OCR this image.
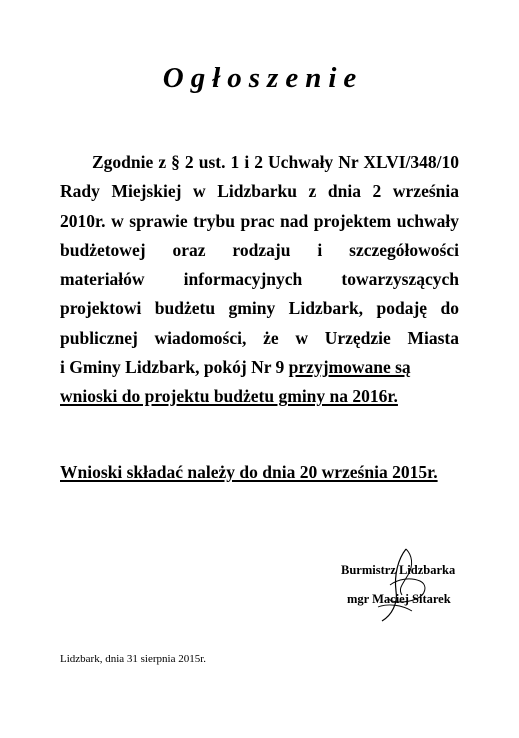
Ogłoszenie
Zgodnie z § 2 ust. 1 i 2 Uchwały Nr XLVI/348/10
Rady Miejskiej w Lidzbarku z dnia 2 września
2010r. w sprawie trybu prac nad projektem uchwały
budżetowej oraz rodzaju i szczegółowości
materiałów informacyjnych towarzyszących
projektowi budżetu gminy Lidzbark, podaję do
publicznej wiadomości, że w Urzędzie Miasta
i Gminy Lidzbark, pokój Nr 9 przyjmowane są
wnioski do projektu budżetu gminy na 2016r.
Wnioski składać należy do dnia 20 września 2015r.
Burmistrz Lidzbarka
mgr Maciej Sitarek
Lidzbark, dnia 31 sierpnia 2015r.
